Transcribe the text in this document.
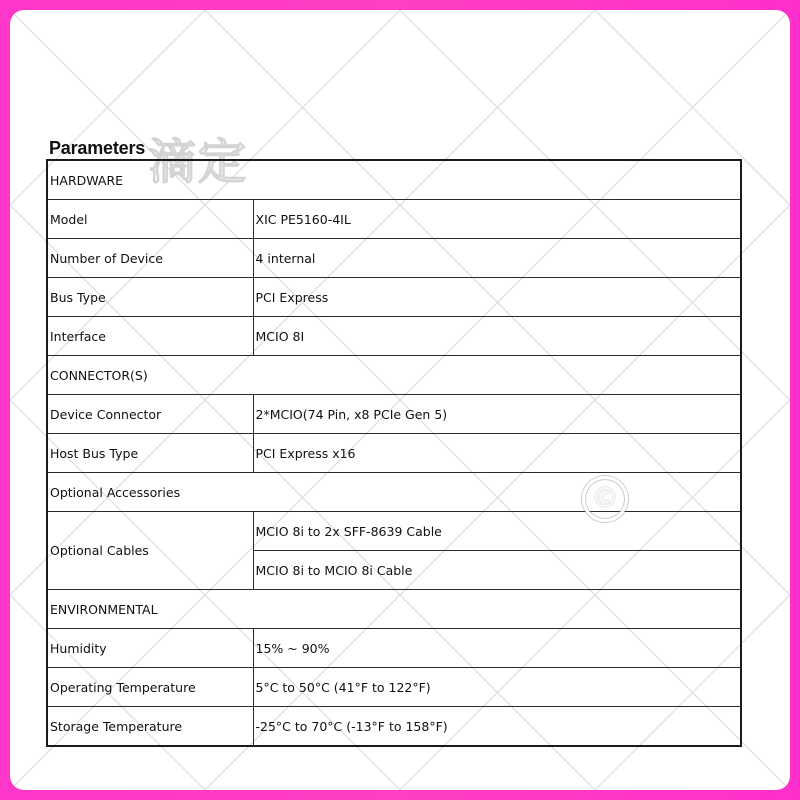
Parameters 滴定
HARDWARE	
Model	XIC PE5160-4IL
Number of Device	4 internal
Bus Type	PCI Express
Interface	MCIO 8I
CONNECTOR(S)	
Device Connector	2*MCIO(74 Pin, x8 PCIe Gen 5)
Host Bus Type	PCI Express x16
Optional Accessories	
Optional Cables	MCIO 8i to 2x SFF-8639 Cable
	MCIO 8i to MCIO 8i Cable
ENVIRONMENTAL	
Humidity	15% ~ 90%
Operating Temperature	5°C to 50°C (41°F to 122°F)
Storage Temperature	-25°C to 70°C (-13°F to 158°F)
©
